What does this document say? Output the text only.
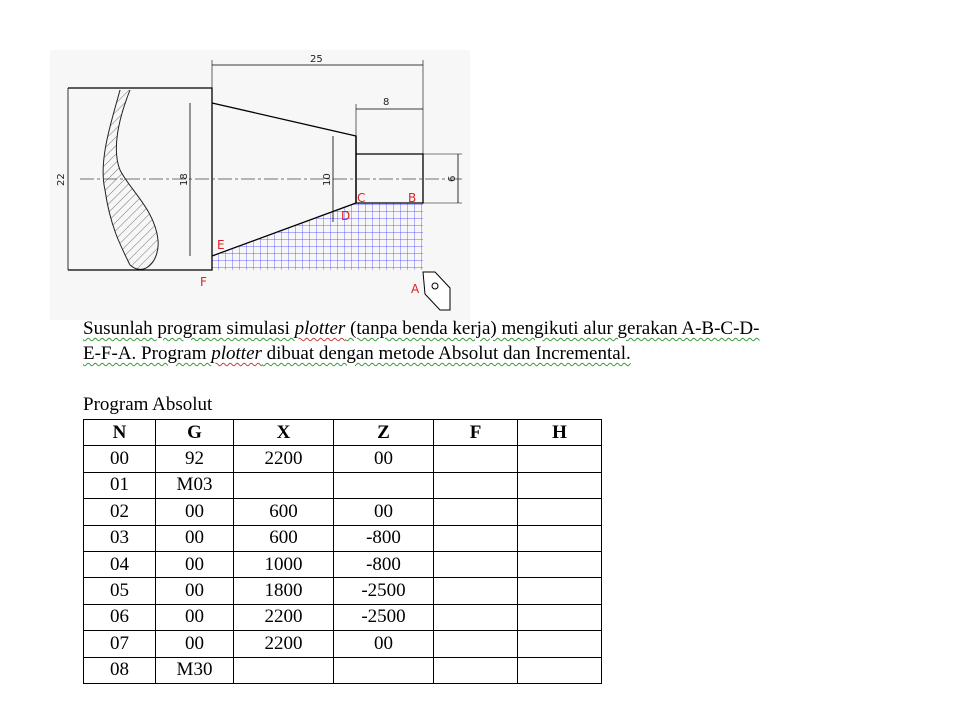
25
8
22	18	10	6
C	B
D
E
F	A
Susunlah program simulasi plotter (tanpa benda kerja) mengikuti alur gerakan A-B-C-D-
E-F-A. Program plotter dibuat dengan metode Absolut dan Incremental.
Program Absolut
N	G	X	Z	F	H
00	92	2200	00		
01	M03				
02	00	600	00		
03	00	600	-800		
04	00	1000	-800		
05	00	1800	-2500		
06	00	2200	-2500		
07	00	2200	00		
08	M30				
